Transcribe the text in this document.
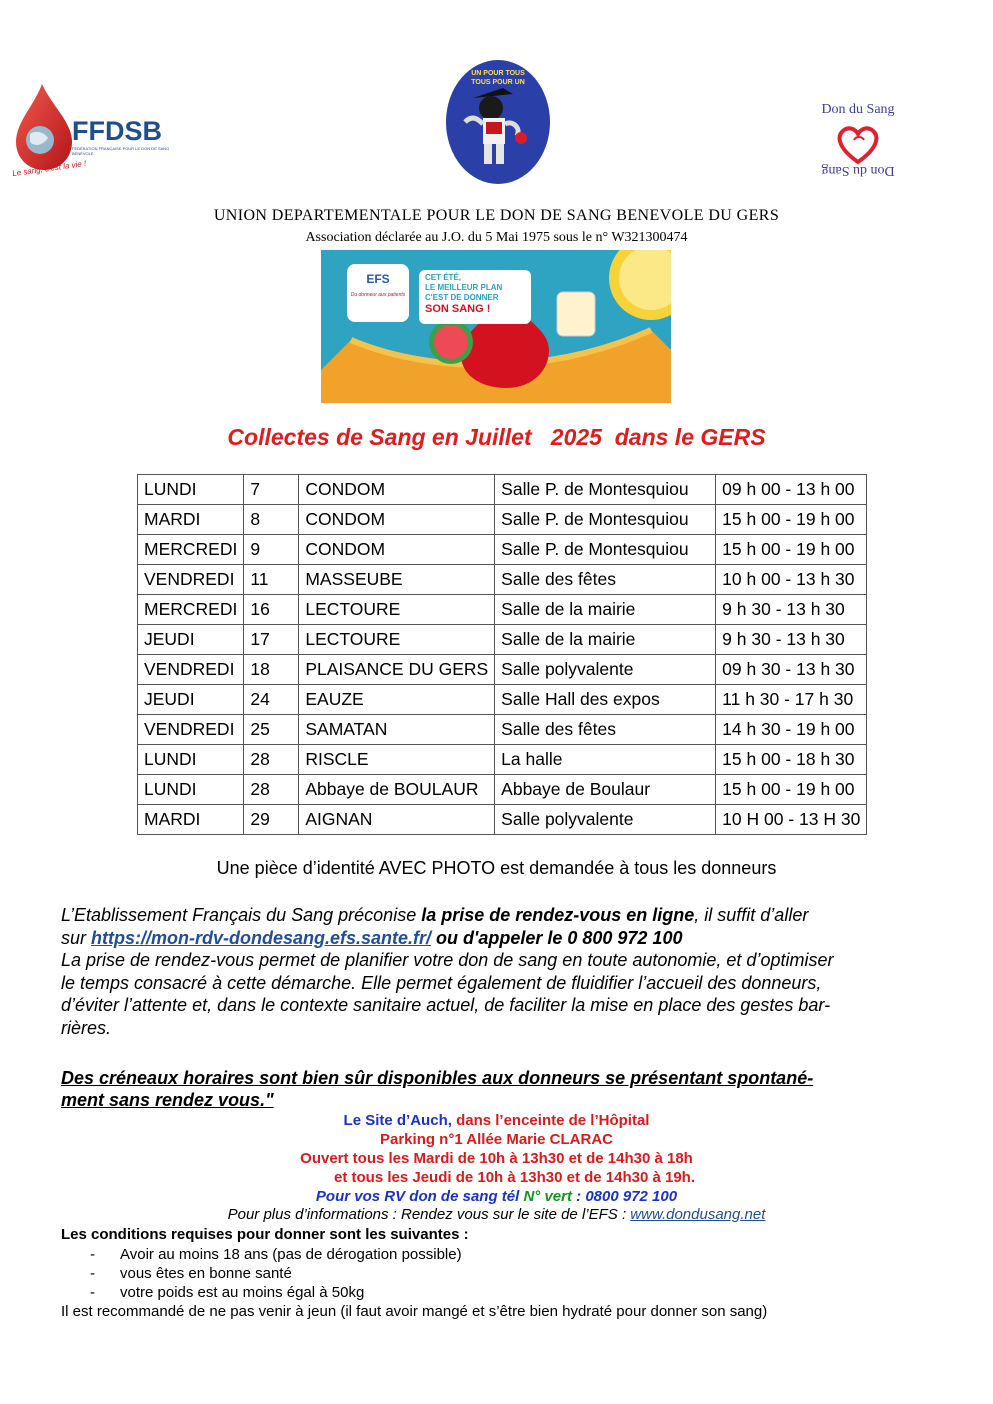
FFDSB
FÉDÉRATION FRANÇAISE POUR LE DON DE SANG BÉNÉVOLE
Le sang, c'est la vie !
UN POUR TOUS
TOUS POUR UN
Don du Sang
Don du Sang
UNION DEPARTEMENTALE POUR LE DON DE SANG BENEVOLE DU GERS
Association déclarée au J.O. du 5 Mai 1975 sous le n° W321300474
EFS
Du donneur aux patients
CET ÉTÉ,
LE MEILLEUR PLAN
C'EST DE DONNER
SON SANG !
Collectes de Sang en Juillet   2025  dans le GERS
LUNDI	7	CONDOM	Salle P. de Montesquiou	09 h 00 - 13 h 00
MARDI	8	CONDOM	Salle P. de Montesquiou	15 h 00 - 19 h 00
MERCREDI	9	CONDOM	Salle P. de Montesquiou	15 h 00 - 19 h 00
VENDREDI	11	MASSEUBE	Salle des fêtes	10 h 00 - 13 h 30
MERCREDI	16	LECTOURE	Salle de la mairie	9 h 30 - 13 h 30
JEUDI	17	LECTOURE	Salle de la mairie	9 h 30 - 13 h 30
VENDREDI	18	PLAISANCE DU GERS	Salle polyvalente	09 h 30 - 13 h 30
JEUDI	24	EAUZE	Salle Hall des expos	11 h 30 - 17 h 30
VENDREDI	25	SAMATAN	Salle des fêtes	14 h 30 - 19 h 00
LUNDI	28	RISCLE	La halle	15 h 00 - 18 h 30
LUNDI	28	Abbaye de BOULAUR	Abbaye de Boulaur	15 h 00 - 19 h 00
MARDI	29	AIGNAN	Salle polyvalente	10 H 00 - 13 H 30
Une pièce d’identité AVEC PHOTO est demandée à tous les donneurs
L’Etablissement Français du Sang préconise la prise de rendez-vous en ligne, il suffit d’aller
sur https://mon-rdv-dondesang.efs.sante.fr/ ou d'appeler le 0 800 972 100
La prise de rendez-vous permet de planifier votre don de sang en toute autonomie, et d’optimiser
le temps consacré à cette démarche. Elle permet également de fluidifier l’accueil des donneurs,
d’éviter l’attente et, dans le contexte sanitaire actuel, de faciliter la mise en place des gestes bar-
rières.
Des créneaux horaires sont bien sûr disponibles aux donneurs se présentant spontané-
ment sans rendez vous."
Le Site d’Auch, dans l’enceinte de l’Hôpital
Parking n°1 Allée Marie CLARAC
Ouvert tous les Mardi de 10h à 13h30 et de 14h30 à 18h
et tous les Jeudi de 10h à 13h30 et de 14h30 à 19h.
Pour vos RV don de sang tél N° vert : 0800 972 100
Pour plus d’informations : Rendez vous sur le site de l’EFS : www.dondusang.net
Les conditions requises pour donner sont les suivantes :
- Avoir au moins 18 ans (pas de dérogation possible)
- vous êtes en bonne santé
- votre poids est au moins égal à 50kg
Il est recommandé de ne pas venir à jeun (il faut avoir mangé et s’être bien hydraté pour donner son sang)
